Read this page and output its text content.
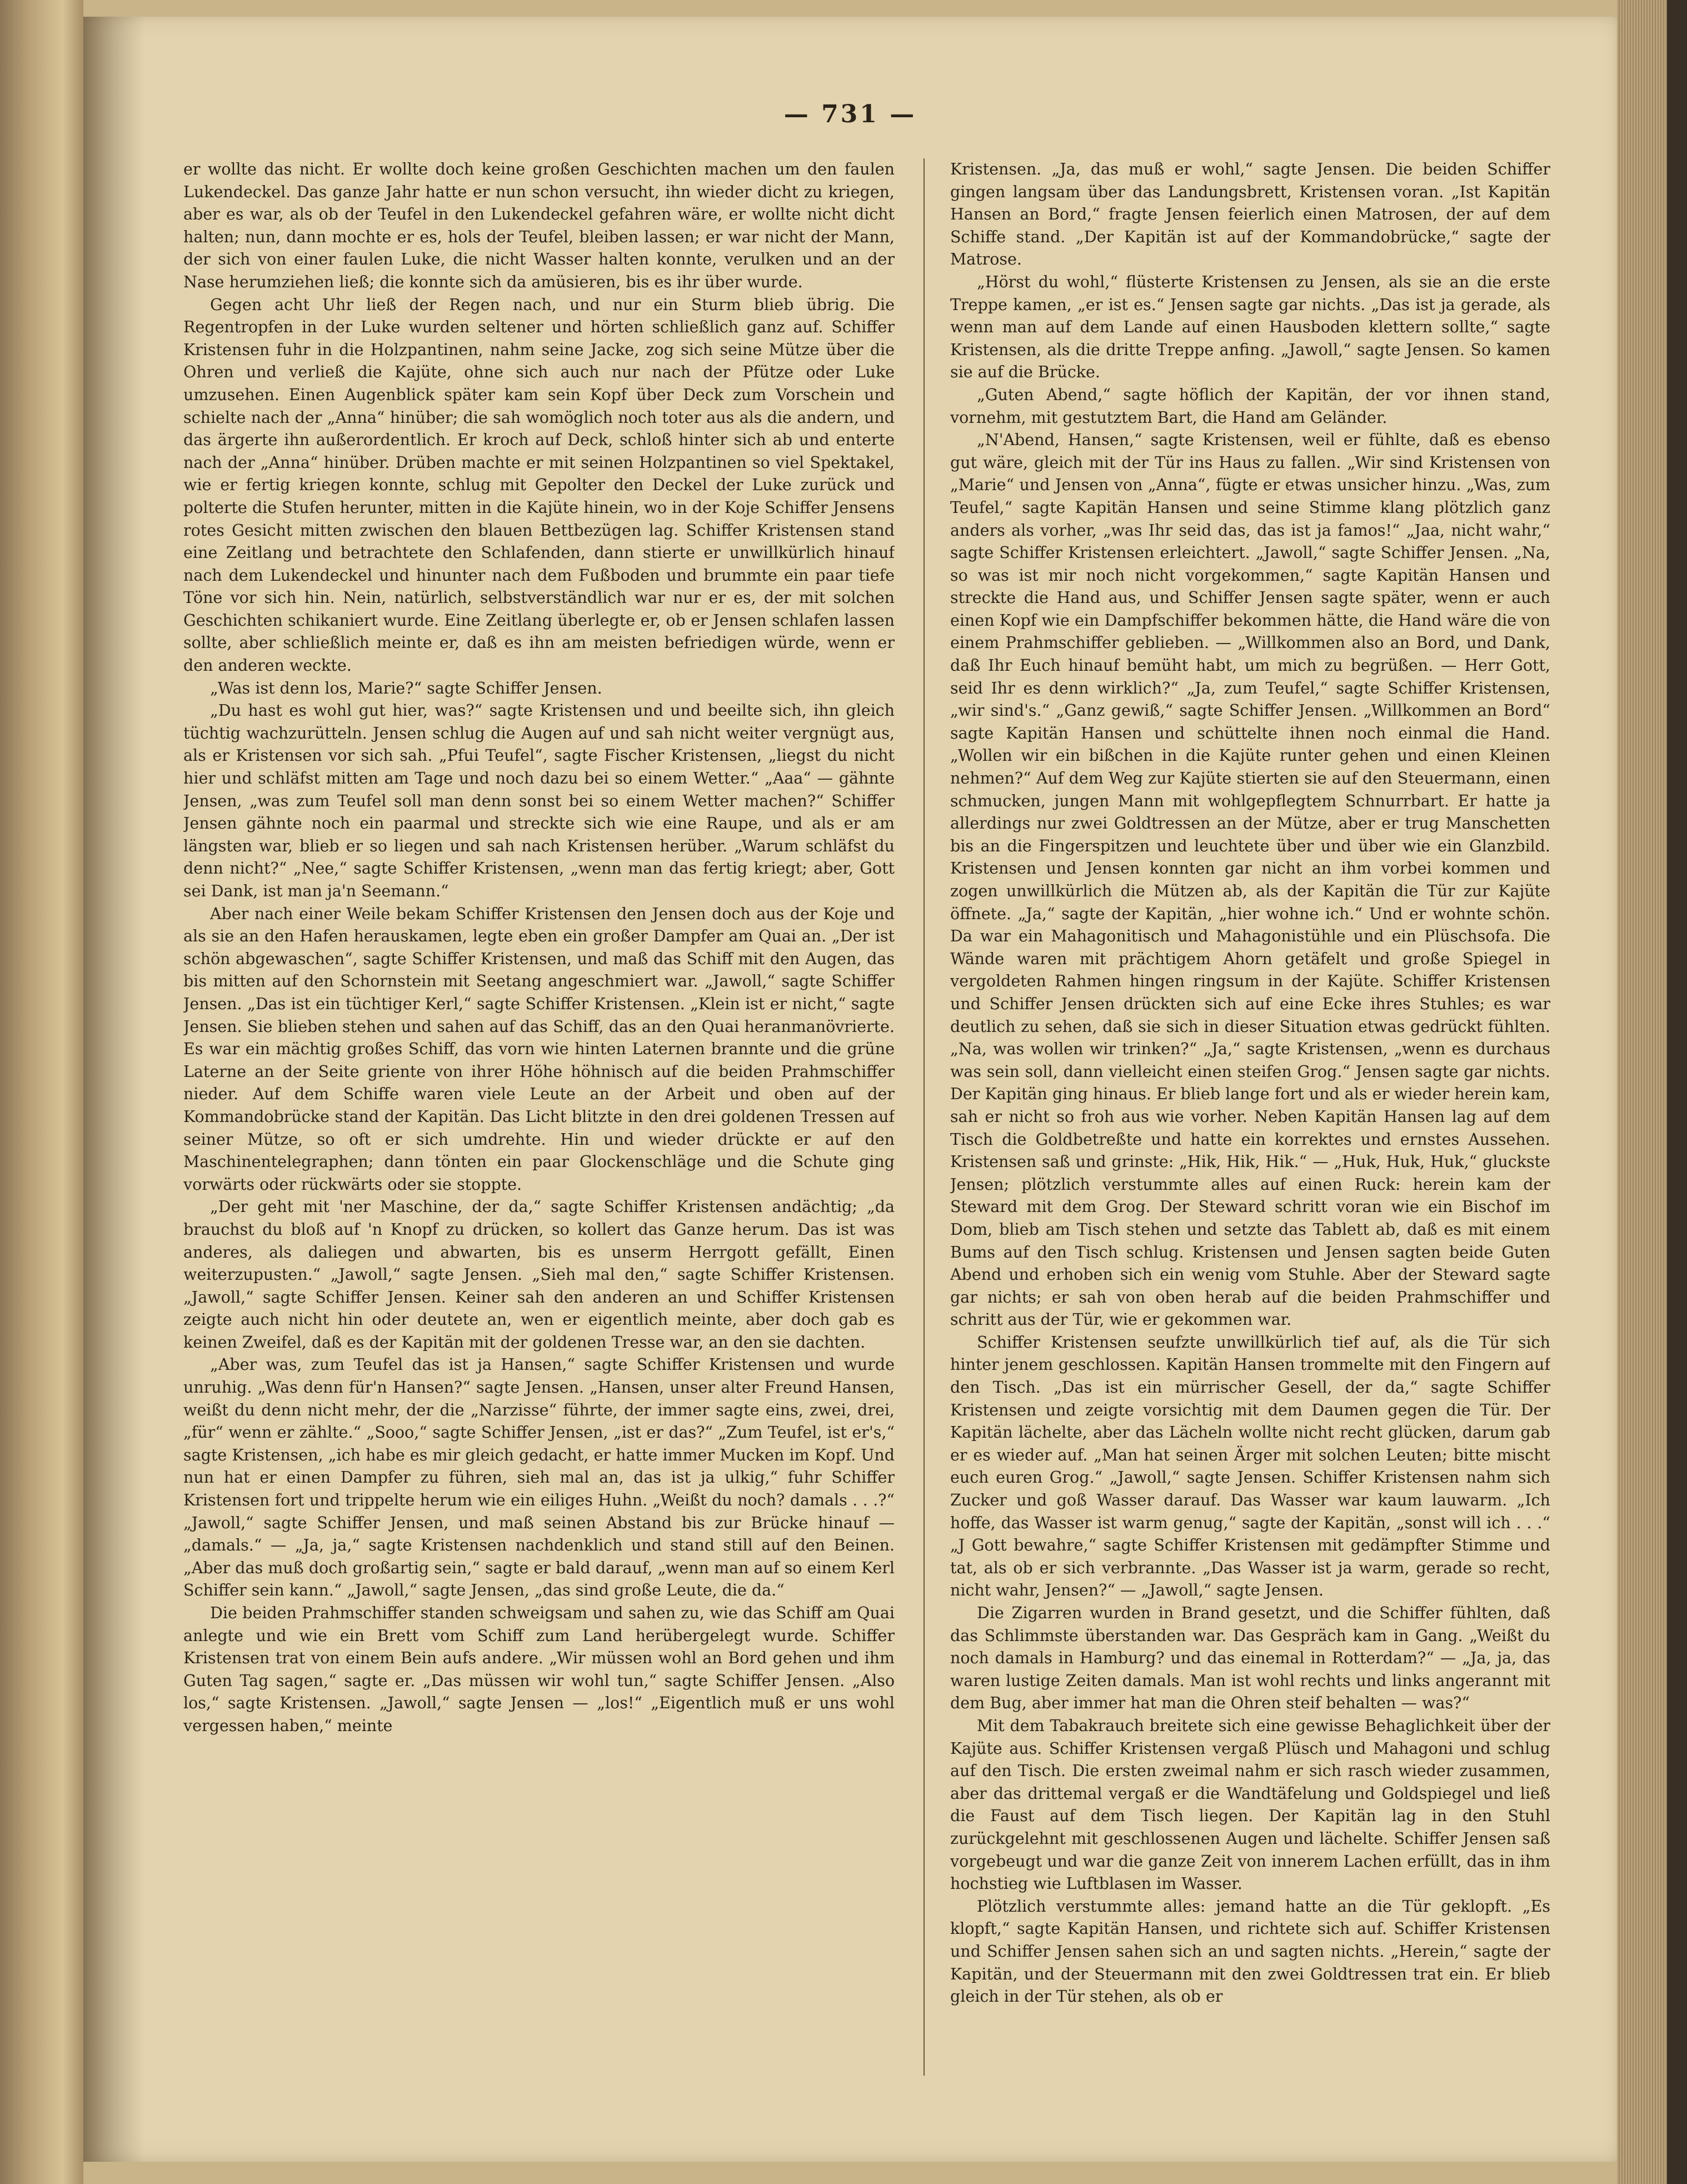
— 731 —

er wollte das nicht. Er wollte doch keine großen Geschichten machen um den faulen Lukendeckel. Das ganze Jahr hatte er nun schon versucht, ihn wieder dicht zu kriegen, aber es war, als ob der Teufel in den Lukendeckel gefahren wäre, er wollte nicht dicht halten; nun, dann mochte er es, hols der Teufel, bleiben lassen; er war nicht der Mann, der sich von einer faulen Luke, die nicht Wasser halten konnte, verulken und an der Nase herumziehen ließ; die konnte sich da amüsieren, bis es ihr über wurde.

Gegen acht Uhr ließ der Regen nach, und nur ein Sturm blieb übrig. Die Regentropfen in der Luke wurden seltener und hörten schließlich ganz auf. Schiffer Kristensen fuhr in die Holzpantinen, nahm seine Jacke, zog sich seine Mütze über die Ohren und verließ die Kajüte, ohne sich auch nur nach der Pfütze oder Luke umzusehen. Einen Augenblick später kam sein Kopf über Deck zum Vorschein und schielte nach der „Anna“ hinüber; die sah womöglich noch toter aus als die andern, und das ärgerte ihn außerordentlich. Er kroch auf Deck, schloß hinter sich ab und enterte nach der „Anna“ hinüber. Drüben machte er mit seinen Holzpantinen so viel Spektakel, wie er fertig kriegen konnte, schlug mit Gepolter den Deckel der Luke zurück und polterte die Stufen herunter, mitten in die Kajüte hinein, wo in der Koje Schiffer Jensens rotes Gesicht mitten zwischen den blauen Bettbezügen lag. Schiffer Kristensen stand eine Zeitlang und betrachtete den Schlafenden, dann stierte er unwillkürlich hinauf nach dem Lukendeckel und hinunter nach dem Fußboden und brummte ein paar tiefe Töne vor sich hin. Nein, natürlich, selbstverständlich war nur er es, der mit solchen Geschichten schikaniert wurde. Eine Zeitlang überlegte er, ob er Jensen schlafen lassen sollte, aber schließlich meinte er, daß es ihn am meisten befriedigen würde, wenn er den anderen weckte.

„Was ist denn los, Marie?“ sagte Schiffer Jensen.

„Du hast es wohl gut hier, was?“ sagte Kristensen und und beeilte sich, ihn gleich tüchtig wachzurütteln. Jensen schlug die Augen auf und sah nicht weiter vergnügt aus, als er Kristensen vor sich sah. „Pfui Teufel“, sagte Fischer Kristensen, „liegst du nicht hier und schläfst mitten am Tage und noch dazu bei so einem Wetter.“ „Aaa“ — gähnte Jensen, „was zum Teufel soll man denn sonst bei so einem Wetter machen?“ Schiffer Jensen gähnte noch ein paarmal und streckte sich wie eine Raupe, und als er am längsten war, blieb er so liegen und sah nach Kristensen herüber. „Warum schläfst du denn nicht?“ „Nee,“ sagte Schiffer Kristensen, „wenn man das fertig kriegt; aber, Gott sei Dank, ist man ja'n Seemann.“

Aber nach einer Weile bekam Schiffer Kristensen den Jensen doch aus der Koje und als sie an den Hafen herauskamen, legte eben ein großer Dampfer am Quai an. „Der ist schön abgewaschen“, sagte Schiffer Kristensen, und maß das Schiff mit den Augen, das bis mitten auf den Schornstein mit Seetang angeschmiert war. „Jawoll,“ sagte Schiffer Jensen. „Das ist ein tüchtiger Kerl,“ sagte Schiffer Kristensen. „Klein ist er nicht,“ sagte Jensen. Sie blieben stehen und sahen auf das Schiff, das an den Quai heranmanövrierte. Es war ein mächtig großes Schiff, das vorn wie hinten Laternen brannte und die grüne Laterne an der Seite griente von ihrer Höhe höhnisch auf die beiden Prahmschiffer nieder. Auf dem Schiffe waren viele Leute an der Arbeit und oben auf der Kommandobrücke stand der Kapitän. Das Licht blitzte in den drei goldenen Tressen auf seiner Mütze, so oft er sich umdrehte. Hin und wieder drückte er auf den Maschinentelegraphen; dann tönten ein paar Glockenschläge und die Schute ging vorwärts oder rückwärts oder sie stoppte.

„Der geht mit 'ner Maschine, der da,“ sagte Schiffer Kristensen andächtig; „da brauchst du bloß auf 'n Knopf zu drücken, so kollert das Ganze herum. Das ist was anderes, als daliegen und abwarten, bis es unserm Herrgott gefällt, Einen weiterzupusten.“ „Jawoll,“ sagte Jensen. „Sieh mal den,“ sagte Schiffer Kristensen. „Jawoll,“ sagte Schiffer Jensen. Keiner sah den anderen an und Schiffer Kristensen zeigte auch nicht hin oder deutete an, wen er eigentlich meinte, aber doch gab es keinen Zweifel, daß es der Kapitän mit der goldenen Tresse war, an den sie dachten.

„Aber was, zum Teufel das ist ja Hansen,“ sagte Schiffer Kristensen und wurde unruhig. „Was denn für'n Hansen?“ sagte Jensen. „Hansen, unser alter Freund Hansen, weißt du denn nicht mehr, der die „Narzisse“ führte, der immer sagte eins, zwei, drei, „für“ wenn er zählte.“ „Sooo,“ sagte Schiffer Jensen, „ist er das?“ „Zum Teufel, ist er's,“ sagte Kristensen, „ich habe es mir gleich gedacht, er hatte immer Mucken im Kopf. Und nun hat er einen Dampfer zu führen, sieh mal an, das ist ja ulkig,“ fuhr Schiffer Kristensen fort und trippelte herum wie ein eiliges Huhn. „Weißt du noch? damals . . .?“ „Jawoll,“ sagte Schiffer Jensen, und maß seinen Abstand bis zur Brücke hinauf — „damals.“ — „Ja, ja,“ sagte Kristensen nachdenklich und stand still auf den Beinen. „Aber das muß doch großartig sein,“ sagte er bald darauf, „wenn man auf so einem Kerl Schiffer sein kann.“ „Jawoll,“ sagte Jensen, „das sind große Leute, die da.“

Die beiden Prahmschiffer standen schweigsam und sahen zu, wie das Schiff am Quai anlegte und wie ein Brett vom Schiff zum Land herübergelegt wurde. Schiffer Kristensen trat von einem Bein aufs andere. „Wir müssen wohl an Bord gehen und ihm Guten Tag sagen,“ sagte er. „Das müssen wir wohl tun,“ sagte Schiffer Jensen. „Also los,“ sagte Kristensen. „Jawoll,“ sagte Jensen — „los!“ „Eigentlich muß er uns wohl vergessen haben,“ meinte

Kristensen. „Ja, das muß er wohl,“ sagte Jensen. Die beiden Schiffer gingen langsam über das Landungsbrett, Kristensen voran. „Ist Kapitän Hansen an Bord,“ fragte Jensen feierlich einen Matrosen, der auf dem Schiffe stand. „Der Kapitän ist auf der Kommandobrücke,“ sagte der Matrose.

„Hörst du wohl,“ flüsterte Kristensen zu Jensen, als sie an die erste Treppe kamen, „er ist es.“ Jensen sagte gar nichts. „Das ist ja gerade, als wenn man auf dem Lande auf einen Hausboden klettern sollte,“ sagte Kristensen, als die dritte Treppe anfing. „Jawoll,“ sagte Jensen. So kamen sie auf die Brücke.

„Guten Abend,“ sagte höflich der Kapitän, der vor ihnen stand, vornehm, mit gestutztem Bart, die Hand am Geländer.

„N'Abend, Hansen,“ sagte Kristensen, weil er fühlte, daß es ebenso gut wäre, gleich mit der Tür ins Haus zu fallen. „Wir sind Kristensen von „Marie“ und Jensen von „Anna“, fügte er etwas unsicher hinzu. „Was, zum Teufel,“ sagte Kapitän Hansen und seine Stimme klang plötzlich ganz anders als vorher, „was Ihr seid das, das ist ja famos!“ „Jaa, nicht wahr,“ sagte Schiffer Kristensen erleichtert. „Jawoll,“ sagte Schiffer Jensen. „Na, so was ist mir noch nicht vorgekommen,“ sagte Kapitän Hansen und streckte die Hand aus, und Schiffer Jensen sagte später, wenn er auch einen Kopf wie ein Dampfschiffer bekommen hätte, die Hand wäre die von einem Prahmschiffer geblieben. — „Willkommen also an Bord, und Dank, daß Ihr Euch hinauf bemüht habt, um mich zu begrüßen. — Herr Gott, seid Ihr es denn wirklich?“ „Ja, zum Teufel,“ sagte Schiffer Kristensen, „wir sind's.“ „Ganz gewiß,“ sagte Schiffer Jensen. „Willkommen an Bord“ sagte Kapitän Hansen und schüttelte ihnen noch einmal die Hand. „Wollen wir ein bißchen in die Kajüte runter gehen und einen Kleinen nehmen?“ Auf dem Weg zur Kajüte stierten sie auf den Steuermann, einen schmucken, jungen Mann mit wohlgepflegtem Schnurrbart. Er hatte ja allerdings nur zwei Goldtressen an der Mütze, aber er trug Manschetten bis an die Fingerspitzen und leuchtete über und über wie ein Glanzbild. Kristensen und Jensen konnten gar nicht an ihm vorbei kommen und zogen unwillkürlich die Mützen ab, als der Kapitän die Tür zur Kajüte öffnete. „Ja,“ sagte der Kapitän, „hier wohne ich.“ Und er wohnte schön. Da war ein Mahagonitisch und Mahagonistühle und ein Plüschsofa. Die Wände waren mit prächtigem Ahorn getäfelt und große Spiegel in vergoldeten Rahmen hingen ringsum in der Kajüte. Schiffer Kristensen und Schiffer Jensen drückten sich auf eine Ecke ihres Stuhles; es war deutlich zu sehen, daß sie sich in dieser Situation etwas gedrückt fühlten. „Na, was wollen wir trinken?“ „Ja,“ sagte Kristensen, „wenn es durchaus was sein soll, dann vielleicht einen steifen Grog.“ Jensen sagte gar nichts. Der Kapitän ging hinaus. Er blieb lange fort und als er wieder herein kam, sah er nicht so froh aus wie vorher. Neben Kapitän Hansen lag auf dem Tisch die Goldbetreßte und hatte ein korrektes und ernstes Aussehen. Kristensen saß und grinste: „Hik, Hik, Hik.“ — „Huk, Huk, Huk,“ gluckste Jensen; plötzlich verstummte alles auf einen Ruck: herein kam der Steward mit dem Grog. Der Steward schritt voran wie ein Bischof im Dom, blieb am Tisch stehen und setzte das Tablett ab, daß es mit einem Bums auf den Tisch schlug. Kristensen und Jensen sagten beide Guten Abend und erhoben sich ein wenig vom Stuhle. Aber der Steward sagte gar nichts; er sah von oben herab auf die beiden Prahmschiffer und schritt aus der Tür, wie er gekommen war.

Schiffer Kristensen seufzte unwillkürlich tief auf, als die Tür sich hinter jenem geschlossen. Kapitän Hansen trommelte mit den Fingern auf den Tisch. „Das ist ein mürrischer Gesell, der da,“ sagte Schiffer Kristensen und zeigte vorsichtig mit dem Daumen gegen die Tür. Der Kapitän lächelte, aber das Lächeln wollte nicht recht glücken, darum gab er es wieder auf. „Man hat seinen Ärger mit solchen Leuten; bitte mischt euch euren Grog.“ „Jawoll,“ sagte Jensen. Schiffer Kristensen nahm sich Zucker und goß Wasser darauf. Das Wasser war kaum lauwarm. „Ich hoffe, das Wasser ist warm genug,“ sagte der Kapitän, „sonst will ich . . .“ „J Gott bewahre,“ sagte Schiffer Kristensen mit gedämpfter Stimme und tat, als ob er sich verbrannte. „Das Wasser ist ja warm, gerade so recht, nicht wahr, Jensen?“ — „Jawoll,“ sagte Jensen.

Die Zigarren wurden in Brand gesetzt, und die Schiffer fühlten, daß das Schlimmste überstanden war. Das Gespräch kam in Gang. „Weißt du noch damals in Hamburg? und das einemal in Rotterdam?“ — „Ja, ja, das waren lustige Zeiten damals. Man ist wohl rechts und links angerannt mit dem Bug, aber immer hat man die Ohren steif behalten — was?“

Mit dem Tabakrauch breitete sich eine gewisse Behaglichkeit über der Kajüte aus. Schiffer Kristensen vergaß Plüsch und Mahagoni und schlug auf den Tisch. Die ersten zweimal nahm er sich rasch wieder zusammen, aber das drittemal vergaß er die Wandtäfelung und Goldspiegel und ließ die Faust auf dem Tisch liegen. Der Kapitän lag in den Stuhl zurückgelehnt mit geschlossenen Augen und lächelte. Schiffer Jensen saß vorgebeugt und war die ganze Zeit von innerem Lachen erfüllt, das in ihm hochstieg wie Luftblasen im Wasser.

Plötzlich verstummte alles: jemand hatte an die Tür geklopft. „Es klopft,“ sagte Kapitän Hansen, und richtete sich auf. Schiffer Kristensen und Schiffer Jensen sahen sich an und sagten nichts. „Herein,“ sagte der Kapitän, und der Steuermann mit den zwei Goldtressen trat ein. Er blieb gleich in der Tür stehen, als ob er
